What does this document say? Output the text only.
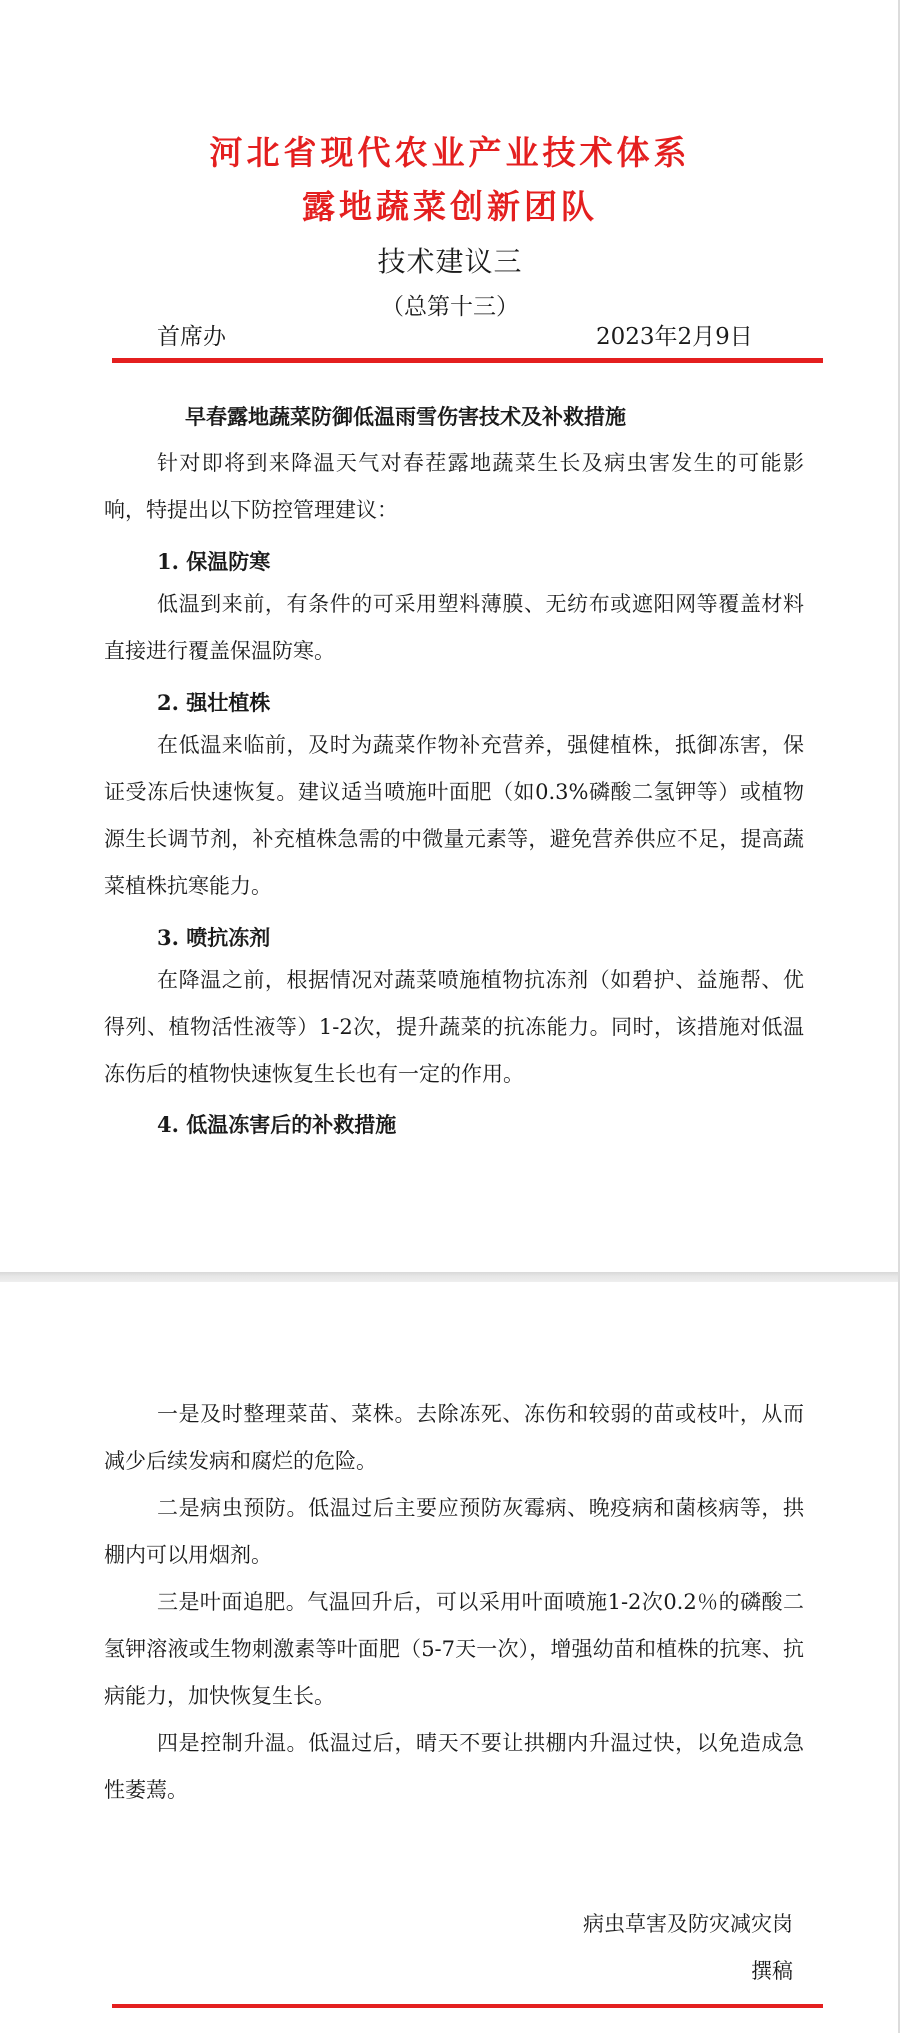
河北省现代农业产业技术体系
露地蔬菜创新团队
技术建议三
（总第十三）
首席办	2023年2月9日
早春露地蔬菜防御低温雨雪伤害技术及补救措施

针对即将到来降温天气对春茬露地蔬菜生长及病虫害发生的可能影响，特提出以下防控管理建议：

1. 保温防寒

低温到来前，有条件的可采用塑料薄膜、无纺布或遮阳网等覆盖材料直接进行覆盖保温防寒。

2. 强壮植株

在低温来临前，及时为蔬菜作物补充营养，强健植株，抵御冻害，保证受冻后快速恢复。建议适当喷施叶面肥（如0.3%磷酸二氢钾等）或植物源生长调节剂，补充植株急需的中微量元素等，避免营养供应不足，提高蔬菜植株抗寒能力。

3. 喷抗冻剂

在降温之前，根据情况对蔬菜喷施植物抗冻剂（如碧护、益施帮、优得列、植物活性液等）1-2次，提升蔬菜的抗冻能力。同时，该措施对低温冻伤后的植物快速恢复生长也有一定的作用。

4. 低温冻害后的补救措施

一是及时整理菜苗、菜株。去除冻死、冻伤和较弱的苗或枝叶，从而减少后续发病和腐烂的危险。

二是病虫预防。低温过后主要应预防灰霉病、晚疫病和菌核病等，拱棚内可以用烟剂。

三是叶面追肥。气温回升后，可以采用叶面喷施1-2次0.2％的磷酸二氢钾溶液或生物刺激素等叶面肥（5-7天一次），增强幼苗和植株的抗寒、抗病能力，加快恢复生长。

四是控制升温。低温过后，晴天不要让拱棚内升温过快，以免造成急性萎蔫。

病虫草害及防灾减灾岗
撰稿
